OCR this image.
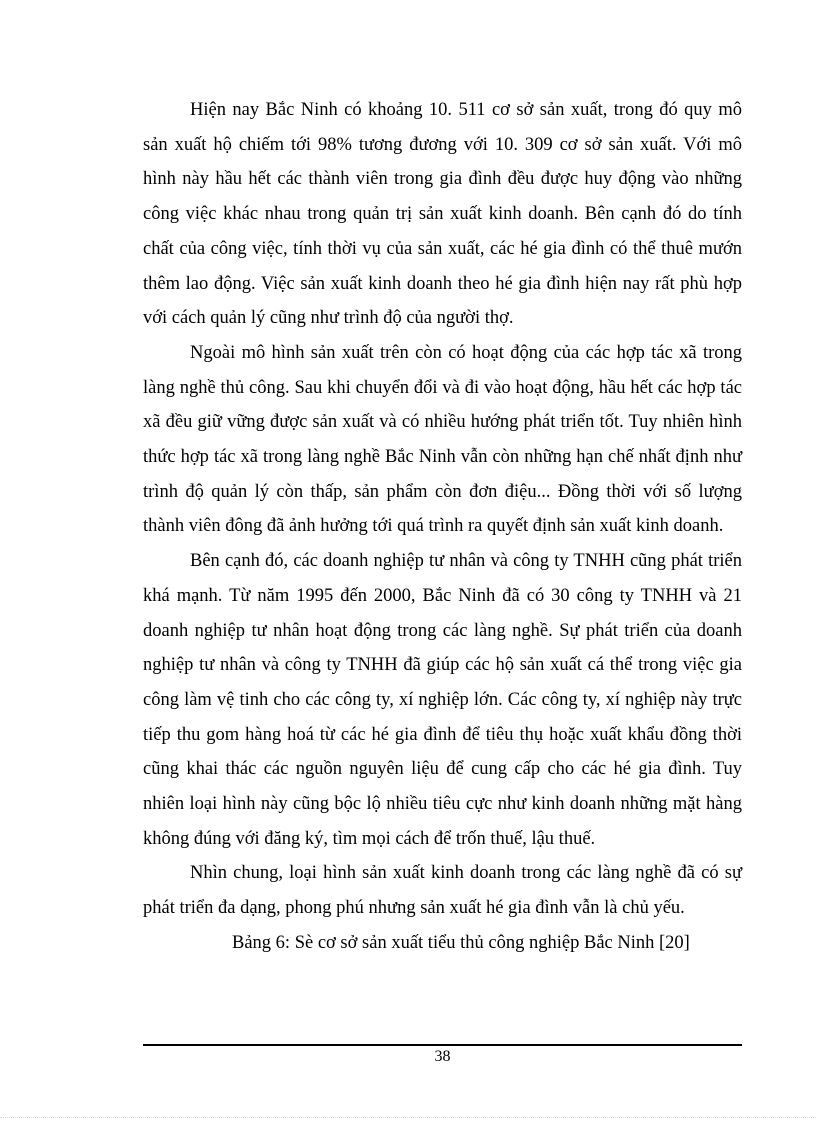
Hiện nay Bắc Ninh có khoảng 10. 511 cơ sở sản xuất, trong đó quy mô sản xuất hộ chiếm tới 98% tương đương với 10. 309 cơ sở sản xuất. Với mô hình này hầu hết các thành viên trong gia đình đều được huy động vào những công việc khác nhau trong quản trị sản xuất kinh doanh. Bên cạnh đó do tính chất của công việc, tính thời vụ của sản xuất, các hé gia đình có thể thuê mướn thêm lao động. Việc sản xuất kinh doanh theo hé gia đình hiện nay rất phù hợp với cách quản lý cũng như trình độ của người thợ.

Ngoài mô hình sản xuất trên còn có hoạt động của các hợp tác xã trong làng nghề thủ công. Sau khi chuyển đổi và đi vào hoạt động, hầu hết các hợp tác xã đều giữ vững được sản xuất và có nhiều hướng phát triển tốt. Tuy nhiên hình thức hợp tác xã trong làng nghề Bắc Ninh vẫn còn những hạn chế nhất định như trình độ quản lý còn thấp, sản phẩm còn đơn điệu... Đồng thời với số lượng thành viên đông đã ảnh hưởng tới quá trình ra quyết định sản xuất kinh doanh.

Bên cạnh đó, các doanh nghiệp tư nhân và công ty TNHH cũng phát triển khá mạnh. Từ năm 1995 đến 2000, Bắc Ninh đã có 30 công ty TNHH và 21 doanh nghiệp tư nhân hoạt động trong các làng nghề. Sự phát triển của doanh nghiệp tư nhân và công ty TNHH đã giúp các hộ sản xuất cá thể trong việc gia công làm vệ tinh cho các công ty, xí nghiệp lớn. Các công ty, xí nghiệp này trực tiếp thu gom hàng hoá từ các hé gia đình để tiêu thụ hoặc xuất khẩu đồng thời cũng khai thác các nguồn nguyên liệu để cung cấp cho các hé gia đình. Tuy nhiên loại hình này cũng bộc lộ nhiều tiêu cực như kinh doanh những mặt hàng không đúng với đăng ký, tìm mọi cách để trốn thuế, lậu thuế.

Nhìn chung, loại hình sản xuất kinh doanh trong các làng nghề đã có sự phát triển đa dạng, phong phú nhưng sản xuất hé gia đình vẫn là chủ yếu.

Bảng 6: Sè cơ sở sản xuất tiểu thủ công nghiệp Bắc Ninh [20]

38
